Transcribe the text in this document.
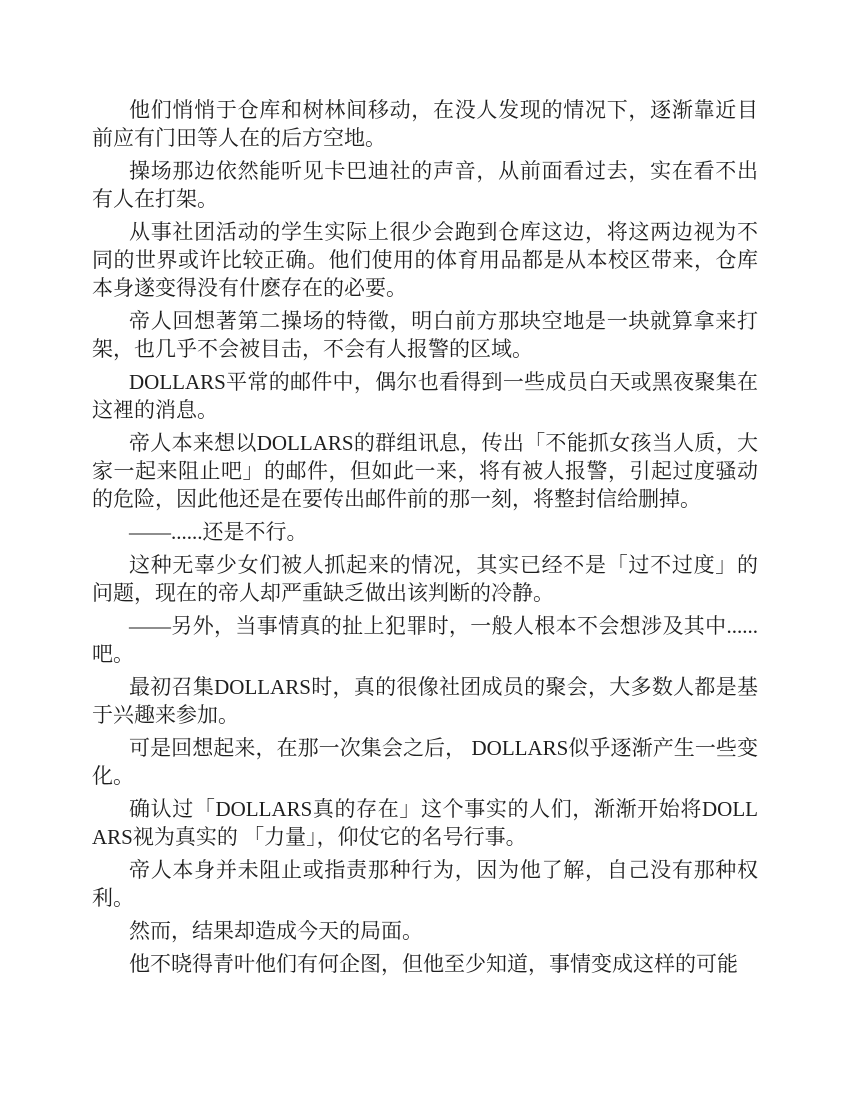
他们悄悄于仓库和树林间移动，在没人发现的情况下，逐渐靠近目前应有门田等人在的后方空地。

操场那边依然能听见卡巴迪社的声音，从前面看过去，实在看不出有人在打架。

从事社团活动的学生实际上很少会跑到仓库这边，将这两边视为不同的世界或许比较正确。他们使用的体育用品都是从本校区带来，仓库本身遂变得没有什麽存在的必要。

帝人回想著第二操场的特徵，明白前方那块空地是一块就算拿来打架，也几乎不会被目击，不会有人报警的区域。

DOLLARS平常的邮件中，偶尔也看得到一些成员白天或黑夜聚集在这裡的消息。

帝人本来想以DOLLARS的群组讯息，传出「不能抓女孩当人质，大家一起来阻止吧」的邮件，但如此一来，将有被人报警，引起过度骚动的危险，因此他还是在要传出邮件前的那一刻，将整封信给删掉。

——......还是不行。

这种无辜少女们被人抓起来的情况，其实已经不是「过不过度」的问题，现在的帝人却严重缺乏做出该判断的冷静。

——另外，当事情真的扯上犯罪时，一般人根本不会想涉及其中......吧。

最初召集DOLLARS时，真的很像社团成员的聚会，大多数人都是基于兴趣来参加。

可是回想起来，在那一次集会之后， DOLLARS似乎逐渐产生一些变化。

确认过「DOLLARS真的存在」这个事实的人们，渐渐开始将DOLLARS视为真实的 「力量」，仰仗它的名号行事。

帝人本身并未阻止或指责那种行为，因为他了解，自己没有那种权利。

然而，结果却造成今天的局面。

他不晓得青叶他们有何企图，但他至少知道，事情变成这样的可能
